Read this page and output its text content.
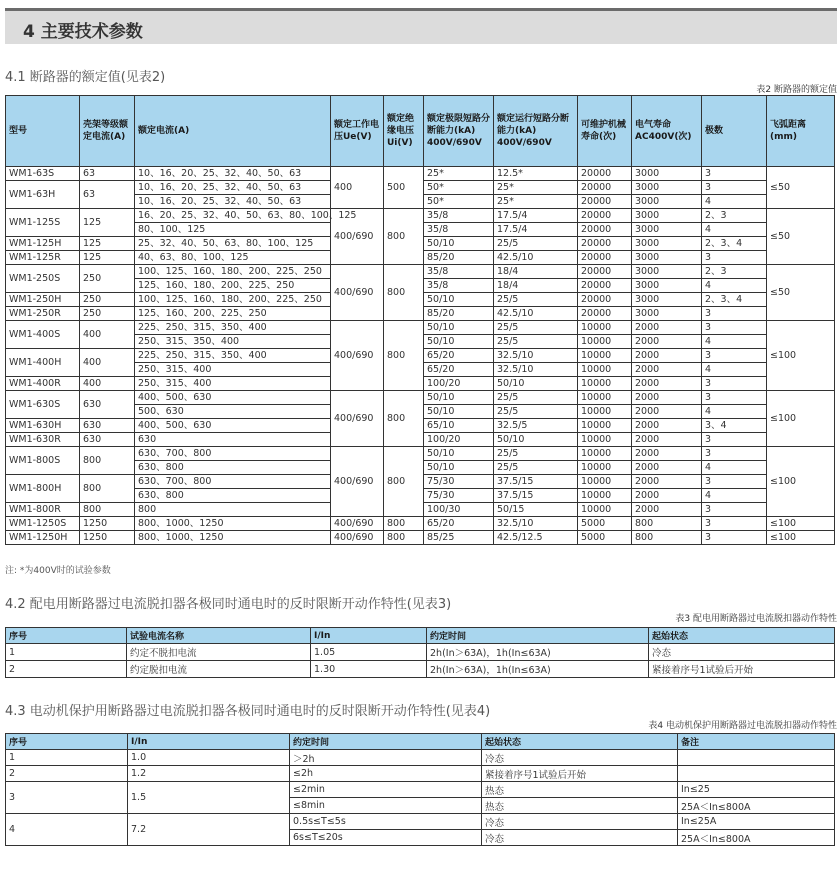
4 主要技术参数
4.1 断路器的额定值(见表2)
表2 断路器的额定值
型号	壳架等级额定电流(A)	额定电流(A)	额定工作电压Ue(V)	额定绝缘电压Ui(V)	额定极限短路分断能力(kA) 400V/690V	额定运行短路分断能力(kA) 400V/690V	可维护机械寿命(次)	电气寿命AC400V(次)	极数	飞弧距离(mm)
WM1-63S	63	10、16、20、25、32、40、50、63	400	500	25*	12.5*	20000	3000	3	≤50
WM1-63H	63	10、16、20、25、32、40、50、63			50*	25*	20000	3000	3	
		10、16、20、25、32、40、50、63			50*	25*	20000	3000	4	
WM1-125S	125	16、20、25、32、40、50、63、80、100、125	400/690	800	35/8	17.5/4	20000	3000	2、3	≤50
		80、100、125			35/8	17.5/4	20000	3000	4	
WM1-125H	125	25、32、40、50、63、80、100、125			50/10	25/5	20000	3000	2、3、4	
WM1-125R	125	40、63、80、100、125			85/20	42.5/10	20000	3000	3	
WM1-250S	250	100、125、160、180、200、225、250	400/690	800	35/8	18/4	20000	3000	2、3	≤50
		125、160、180、200、225、250			35/8	18/4	20000	3000	4	
WM1-250H	250	100、125、160、180、200、225、250			50/10	25/5	20000	3000	2、3、4	
WM1-250R	250	125、160、200、225、250			85/20	42.5/10	20000	3000	3	
WM1-400S	400	225、250、315、350、400	400/690	800	50/10	25/5	10000	2000	3	≤100
		250、315、350、400			50/10	25/5	10000	2000	4	
WM1-400H	400	225、250、315、350、400			65/20	32.5/10	10000	2000	3	
		250、315、400			65/20	32.5/10	10000	2000	4	
WM1-400R	400	250、315、400			100/20	50/10	10000	2000	3	
WM1-630S	630	400、500、630	400/690	800	50/10	25/5	10000	2000	3	≤100
		500、630			50/10	25/5	10000	2000	4	
WM1-630H	630	400、500、630			65/10	32.5/5	10000	2000	3、4	
WM1-630R	630	630			100/20	50/10	10000	2000	3	
WM1-800S	800	630、700、800	400/690	800	50/10	25/5	10000	2000	3	≤100
		630、800			50/10	25/5	10000	2000	4	
WM1-800H	800	630、700、800			75/30	37.5/15	10000	2000	3	
		630、800			75/30	37.5/15	10000	2000	4	
WM1-800R	800	800			100/30	50/15	10000	2000	3	
WM1-1250S	1250	800、1000、1250	400/690	800	65/20	32.5/10	5000	800	3	≤100
WM1-1250H	1250	800、1000、1250	400/690	800	85/25	42.5/12.5	5000	800	3	≤100
注: *为400V时的试验参数
4.2 配电用断路器过电流脱扣器各极同时通电时的反时限断开动作特性(见表3)
表3 配电用断路器过电流脱扣器动作特性
序号	试验电流名称	I/In	约定时间	起始状态
1	约定不脱扣电流	1.05	2h(In＞63A)，1h(In≤63A)	冷态
2	约定脱扣电流	1.30	2h(In＞63A)，1h(In≤63A)	紧接着序号1试验后开始
4.3 电动机保护用断路器过电流脱扣器各极同时通电时的反时限断开动作特性(见表4)
表4 电动机保护用断路器过电流脱扣器动作特性
序号	I/In	约定时间	起始状态	备注
1	1.0	＞2h	冷态	
2	1.2	≤2h	紧接着序号1试验后开始	
3	1.5	≤2min	热态	In≤25
		≤8min	热态	25A＜In≤800A
4	7.2	0.5s≤T≤5s	冷态	In≤25A
		6s≤T≤20s	冷态	25A＜In≤800A
